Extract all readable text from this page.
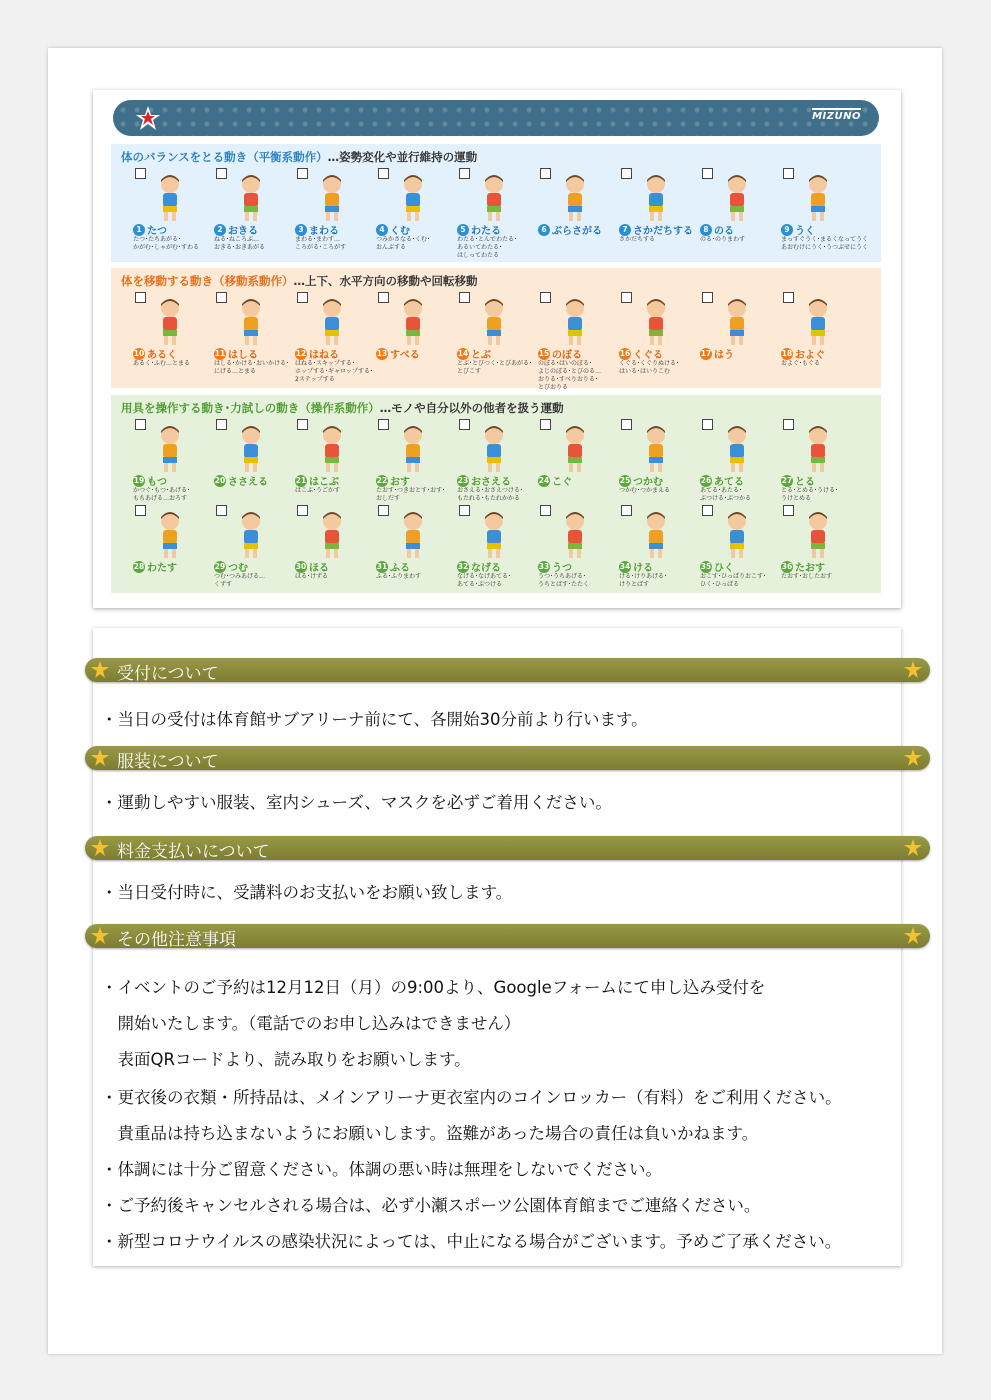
MIZUNO
体のバランスをとる動き（平衡系動作）…姿勢変化や並行維持の運動
1 たつ
たつ･たちあがる･
かがむ･しゃがむ･すわる
2 おきる
ねる･ねころぶ…
おきる･おきあがる
3 まわる
まわる･まわす…
ころがる･ころがす
4 くむ
つみかさなる･くむ･
おんぶする
5 わたる
わたる･とんでわたる･
あるいてわたる･
はしってわたる
6 ぶらさがる	7 さかだちする
さかだちする
8 のる
のる･のりまわす
9 うく
まっすぐうく･まるくなってうく
あおむけにうく･うつぶせにうく
体を移動する動き（移動系動作）…上下、水平方向の移動や回転移動
10 あるく
あるく･ふむ…とまる
11 はしる
はしる･かける･おいかける･
にげる…とまる
12 はねる
はねる･スキップする･
ホップする･ギャロップする･
2ステップする
13 すべる	14 とぶ
とぶ･とびつく･とびあがる･
とびこす
15 のぼる
のぼる･はいのぼる･
よじのぼる･とびのる…
おりる･すべりおりる･
とびおりる
16 くぐる
くぐる･くぐりぬける･
はいる･はいりこむ
17 はう	18 およぐ
およぐ･もぐる
用具を操作する動き･力試しの動き（操作系動作）…モノや自分以外の他者を扱う運動
19 もつ
かつぐ･もつ･あげる･
もちあげる…おろす
20 ささえる	21 はこぶ
はこぶ･うごかす
22 おす
たおす･つきおとす･おす･
おしだす
23 おさえる
おさえる･おさえつける･
もたれる･もたれかかる
24 こぐ	25 つかむ
つかむ･つかまえる
26 あてる
あてる･あたる･
ぶつける･ぶつかる
27 とる
とる･とめる･うける･
うけとめる
28 わたす	29 つむ
つむ･つみあげる…
くずす
30 ほる
ほる･けずる
31 ふる
ふる･ふりまわす
32 なげる
なげる･なげあてる･
あてる･ぶつける
33 うつ
うつ･うちあげる･
うちとばす･たたく
34 ける
ける･けりあげる･
けりとばす
35 ひく
おこす･ひっぱりおこす･
ひく･ひっぱる
36 たおす
たおす･おしたおす
受付について
・当日の受付は体育館サブアリーナ前にて、各開始30分前より行います。
服装について
・運動しやすい服装、室内シューズ、マスクを必ずご着用ください。
料金支払いについて
・当日受付時に、受講料のお支払いをお願い致します。
その他注意事項
・イベントのご予約は12月12日（月）の9:00より、Googleフォームにて申し込み受付を
　開始いたします。（電話でのお申し込みはできません）
　表面QRコードより、読み取りをお願いします。
・更衣後の衣類・所持品は、メインアリーナ更衣室内のコインロッカー（有料）をご利用ください。
　貴重品は持ち込まないようにお願いします。盗難があった場合の責任は負いかねます。
・体調には十分ご留意ください。体調の悪い時は無理をしないでください。
・ご予約後キャンセルされる場合は、必ず小瀬スポーツ公園体育館までご連絡ください。
・新型コロナウイルスの感染状況によっては、中止になる場合がございます。予めご了承ください。
